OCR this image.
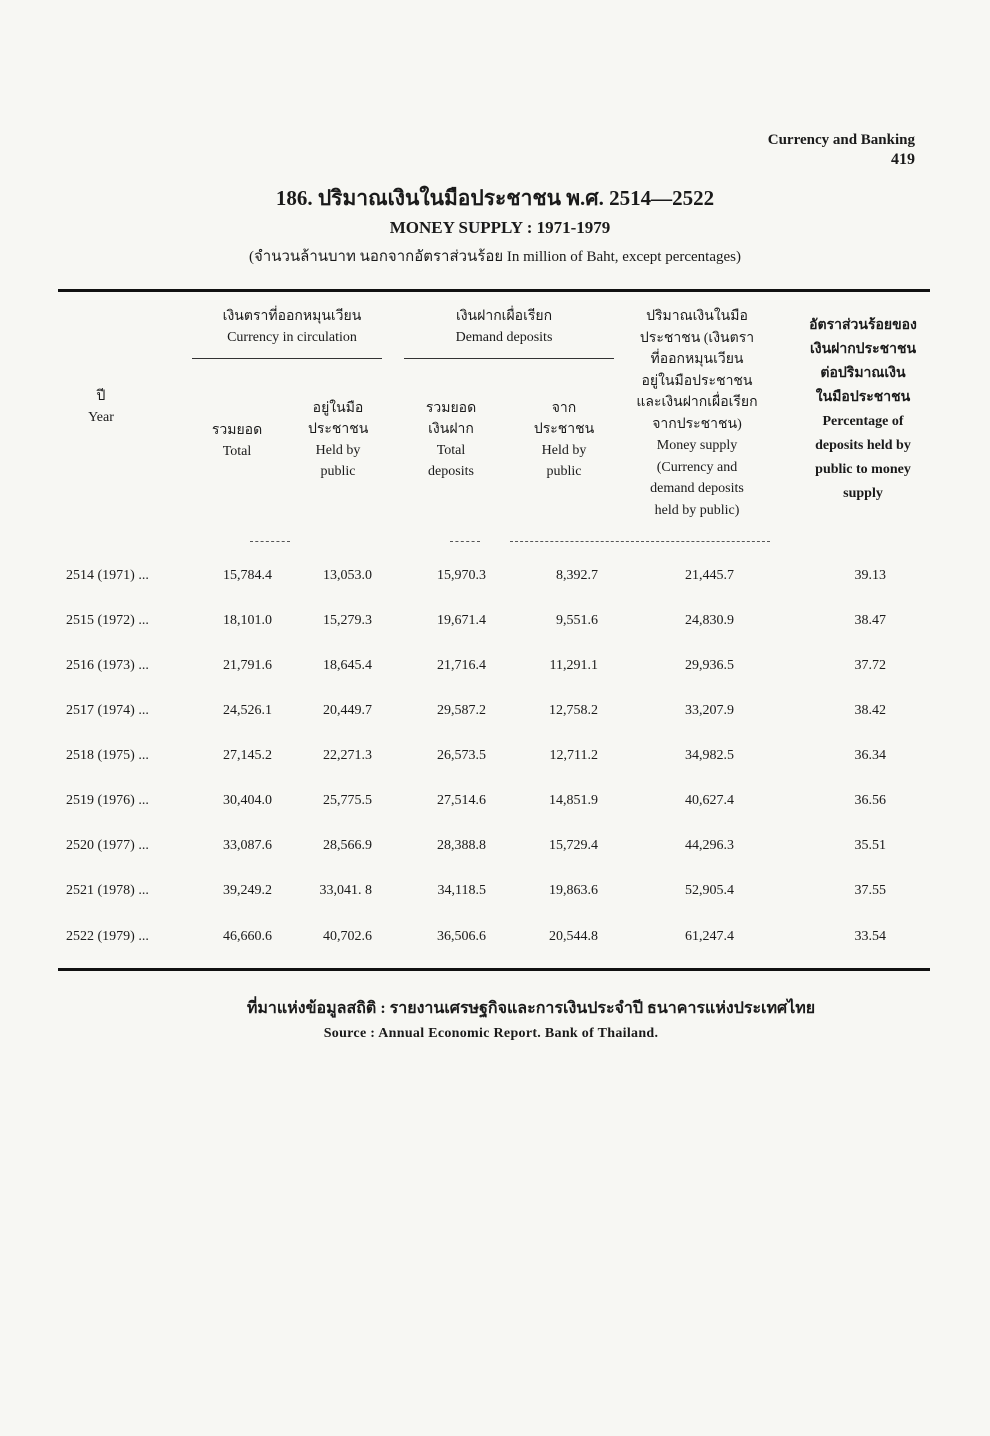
Currency and Banking
419
186. ปริมาณเงินในมือประชาชน พ.ศ. 2514—2522
MONEY SUPPLY : 1971-1979
(จำนวนล้านบาท นอกจากอัตราส่วนร้อย In million of Baht, except percentages)
ปี
Year
เงินตราที่ออกหมุนเวียน
Currency in circulation
รวมยอด
Total
อยู่ในมือ ประชาชน
Held by
public
เงินฝากเผื่อเรียก
Demand deposits
รวมยอด
เงินฝาก
Total
deposits
จาก
ประชาชน
Held by
public
ปริมาณเงินในมือ
ประชาชน (เงินตรา
ที่ออกหมุนเวียน
อยู่ในมือประชาชน
และเงินฝากเผื่อเรียก
จากประชาชน)
Money supply
(Currency and
demand deposits
held by public)
อัตราส่วนร้อยของ
เงินฝากประชาชน
ต่อปริมาณเงิน
ในมือประชาชน
Percentage of
deposits held by
public to money
supply
2514 (1971) ...	15,784.4	13,053.0	15,970.3	8,392.7	21,445.7	39.13
2515 (1972) ...	18,101.0	15,279.3	19,671.4	9,551.6	24,830.9	38.47
2516 (1973) ...	21,791.6	18,645.4	21,716.4	11,291.1	29,936.5	37.72
2517 (1974) ...	24,526.1	20,449.7	29,587.2	12,758.2	33,207.9	38.42
2518 (1975) ...	27,145.2	22,271.3	26,573.5	12,711.2	34,982.5	36.34
2519 (1976) ...	30,404.0	25,775.5	27,514.6	14,851.9	40,627.4	36.56
2520 (1977) ...	33,087.6	28,566.9	28,388.8	15,729.4	44,296.3	35.51
2521 (1978) ...	39,249.2	33,041. 8	34,118.5	19,863.6	52,905.4	37.55
2522 (1979) ...	46,660.6	40,702.6	36,506.6	20,544.8	61,247.4	33.54
ที่มาแห่งข้อมูลสถิติ : รายงานเศรษฐกิจและการเงินประจำปี ธนาคารแห่งประเทศไทย
Source : Annual Economic Report. Bank of Thailand.
